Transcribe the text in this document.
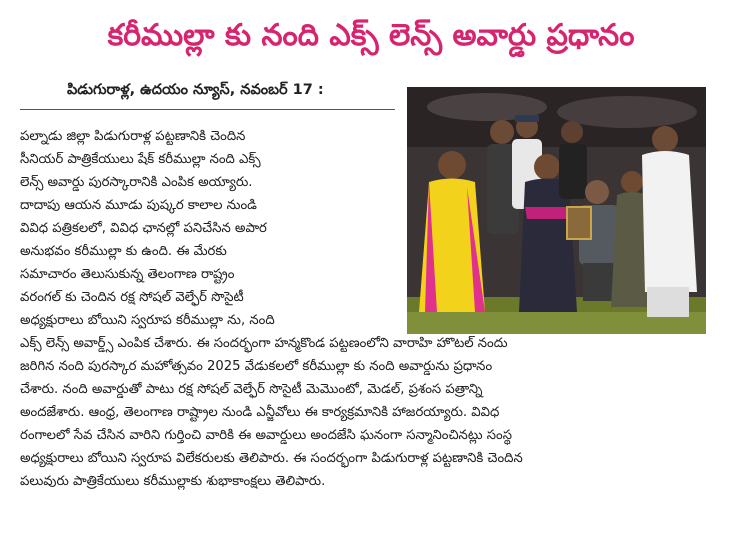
కరీముల్లా కు నంది ఎక్స్ లెన్స్ అవార్డు ప్రధానం
పిడుగురాళ్ల, ఉదయం న్యూస్, నవంబర్ 17 :
పల్నాడు జిల్లా పిడుగురాళ్ల పట్టణానికి చెందిన
సీనియర్ పాత్రికేయులు షేక్ కరీముల్లా నంది ఎక్స్
లెన్స్ అవార్డు పురస్కారానికి ఎంపిక అయ్యారు.
దాదాపు ఆయన మూడు పుష్కర కాలాల నుండి
వివిధ పత్రికలలో, వివిధ ఛానల్లో పనిచేసిన అపార
అనుభవం కరీముల్లా కు ఉంది. ఈ మేరకు
సమాచారం తెలుసుకున్న తెలంగాణ రాష్ట్రం
వరంగల్ కు చెందిన రక్ష సోషల్ వెల్ఫేర్ సొసైటీ
అధ్యక్షురాలు బోయిని స్వరూప కరీముల్లా ను, నంది
ఎక్స్ లెన్స్ అవార్డ్స్ ఎంపిక చేశారు. ఈ సందర్భంగా హన్మకొండ పట్టణంలోని వారాహి హొటల్ నందు
జరిగిన నంది పురస్కార మహోత్సవం 2025 వేడుకలలో కరీముల్లా కు నంది అవార్డును ప్రధానం
చేశారు. నంది అవార్డుతో పాటు రక్ష సోషల్ వెల్ఫేర్ సొసైటీ మెమొంటో, మెడల్, ప్రశంస పత్రాన్ని
అందజేశారు. ఆంధ్ర, తెలంగాణ రాష్ట్రాల నుండి ఎన్జీవోలు ఈ కార్యక్రమానికి హాజరయ్యారు. వివిధ
రంగాలలో సేవ చేసిన వారిని గుర్తించి వారికి ఈ అవార్డులు అందజేసి ఘనంగా సన్మానించినట్లు సంస్థ
అధ్యక్షురాలు బోయిని స్వరూప విలేకరులకు తెలిపారు. ఈ సందర్భంగా పిడుగురాళ్ల పట్టణానికి చెందిన
పలువురు పాత్రికేయులు కరీముల్లాకు శుభాకాంక్షలు తెలిపారు.
